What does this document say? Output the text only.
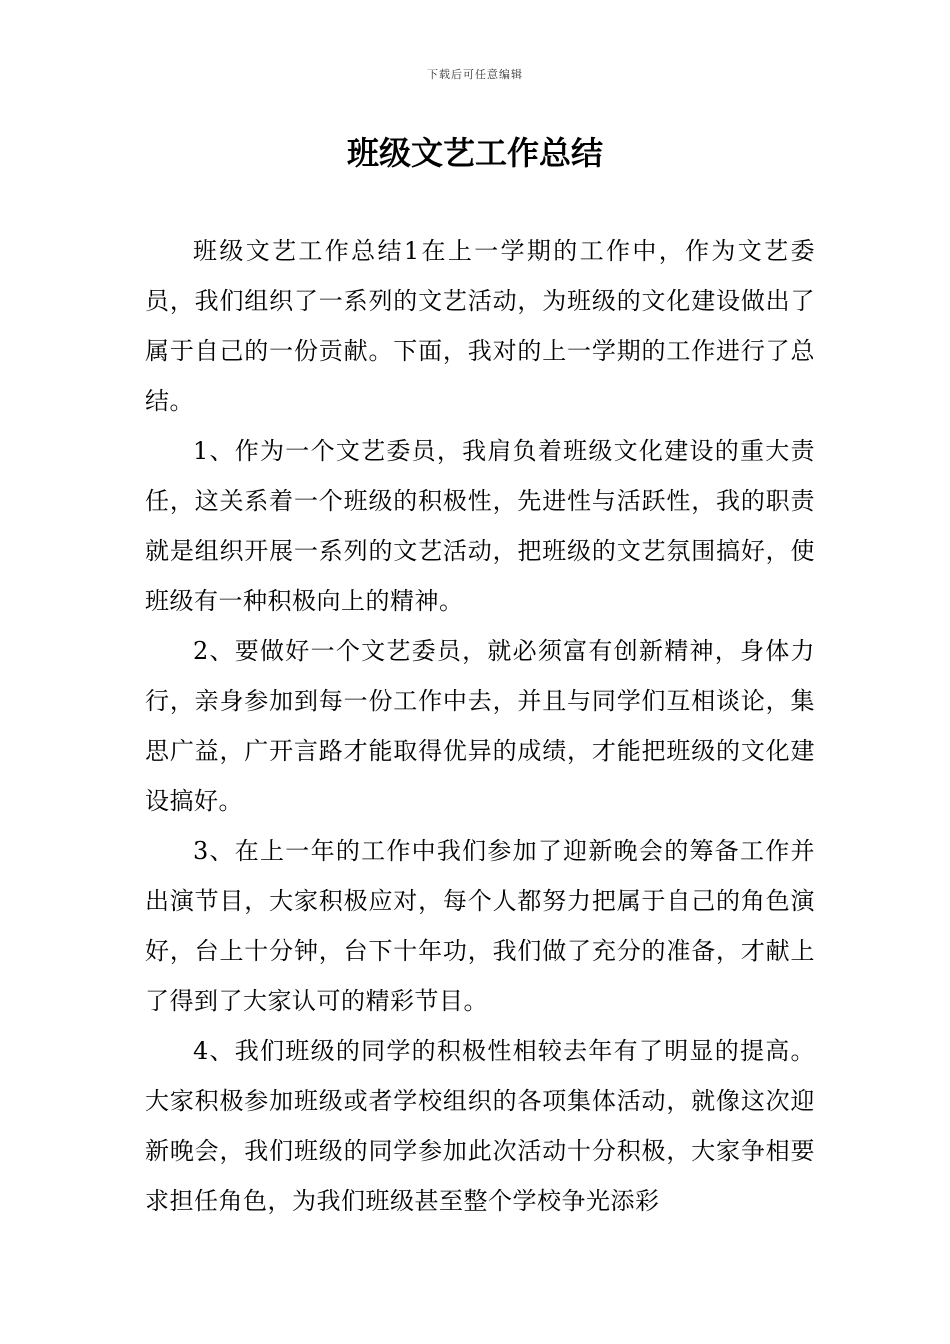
下载后可任意编辑
班级文艺工作总结

班级文艺工作总结1在上一学期的工作中，作为文艺委员，我们组织了一系列的文艺活动，为班级的文化建设做出了属于自己的一份贡献。下面，我对的上一学期的工作进行了总结。

1、作为一个文艺委员，我肩负着班级文化建设的重大责任，这关系着一个班级的积极性，先进性与活跃性，我的职责就是组织开展一系列的文艺活动，把班级的文艺氛围搞好，使班级有一种积极向上的精神。

2、要做好一个文艺委员，就必须富有创新精神，身体力行，亲身参加到每一份工作中去，并且与同学们互相谈论，集思广益，广开言路才能取得优异的成绩，才能把班级的文化建设搞好。

3、在上一年的工作中我们参加了迎新晚会的筹备工作并出演节目，大家积极应对，每个人都努力把属于自己的角色演好，台上十分钟，台下十年功，我们做了充分的准备，才献上了得到了大家认可的精彩节目。

4、我们班级的同学的积极性相较去年有了明显的提高。大家积极参加班级或者学校组织的各项集体活动，就像这次迎新晚会，我们班级的同学参加此次活动十分积极，大家争相要求担任角色，为我们班级甚至整个学校争光添彩
